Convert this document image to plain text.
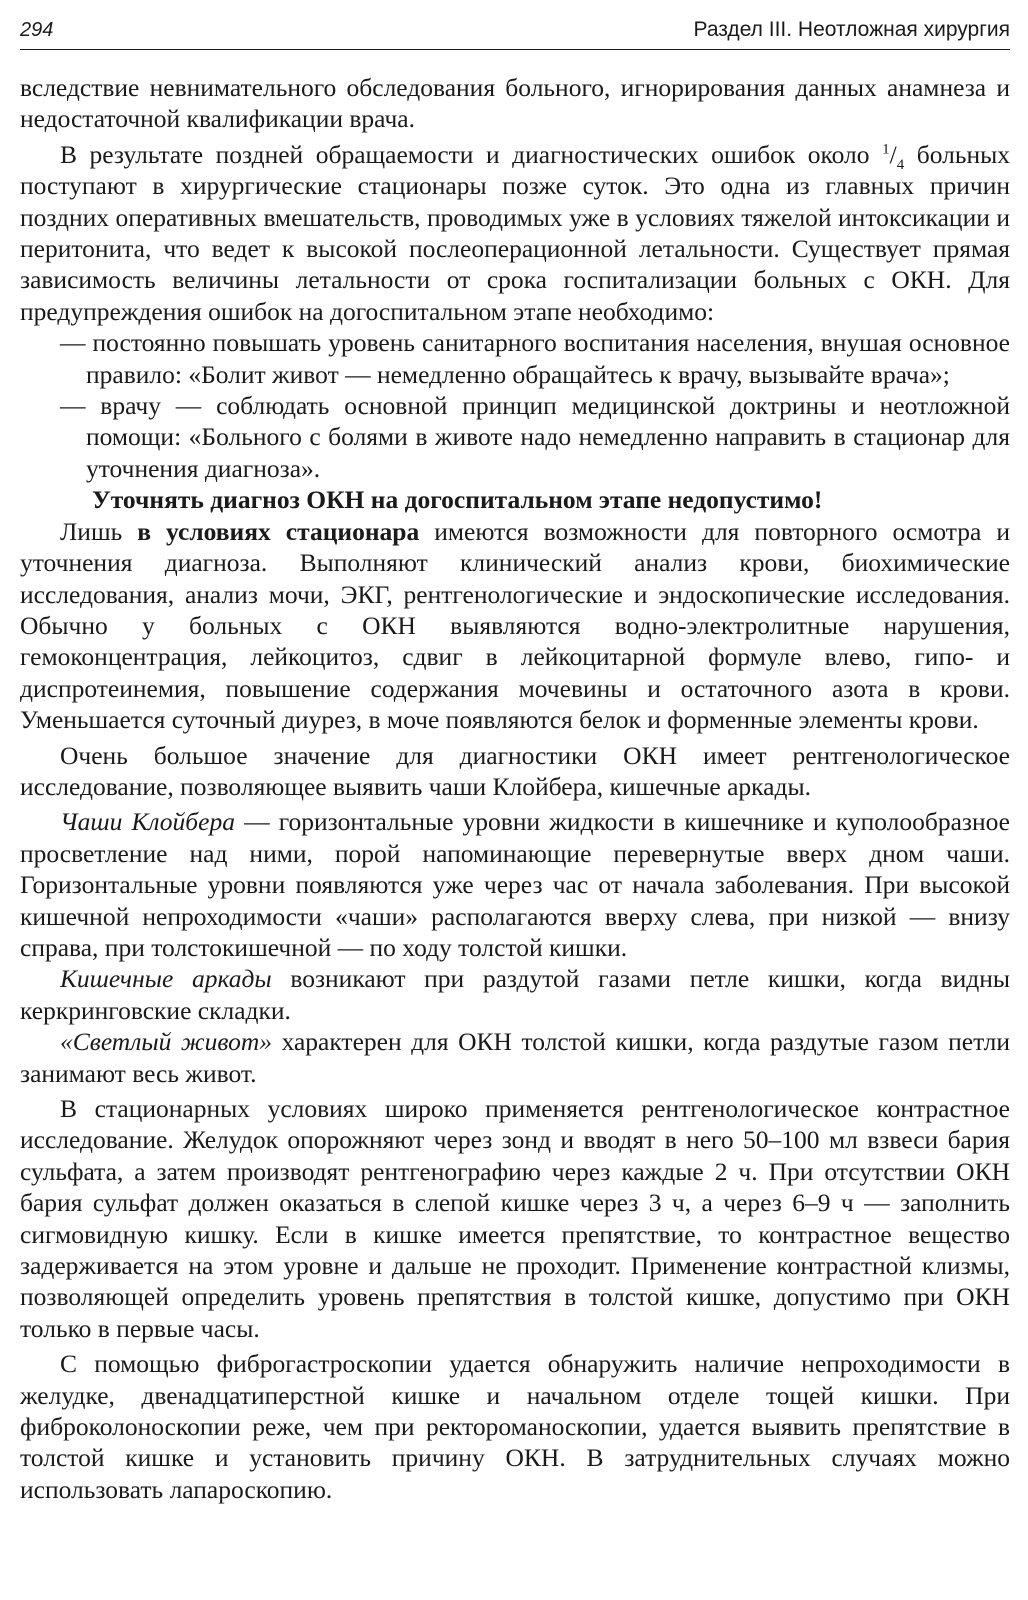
294	Раздел III. Неотложная хирургия

вследствие невнимательного обследования больного, игнорирования данных анамнеза и недостаточной квалификации врача.

В результате поздней обращаемости и диагностических ошибок около $^1/_4$ больных поступают в хирургические стационары позже суток. Это одна из главных причин поздних оперативных вмешательств, проводимых уже в условиях тяжелой интоксикации и перитонита, что ведет к высокой послеоперационной летальности. Существует прямая зависимость величины летальности от срока госпитализации больных с ОКН. Для предупреждения ошибок на догоспитальном этапе необходимо:

— постоянно повышать уровень санитарного воспитания населения, внушая основное правило: «Болит живот — немедленно обращайтесь к врачу, вызывайте врача»;

— врачу — соблюдать основной принцип медицинской доктрины и неотложной помощи: «Больного с болями в животе надо немедленно направить в стационар для уточнения диагноза».

Уточнять диагноз ОКН на догоспитальном этапе недопустимо!

Лишь в условиях стационара имеются возможности для повторного осмотра и уточнения диагноза. Выполняют клинический анализ крови, биохимические исследования, анализ мочи, ЭКГ, рентгенологические и эндоскопические исследования. Обычно у больных с ОКН выявляются водно-электролитные нарушения, гемоконцентрация, лейкоцитоз, сдвиг в лейкоцитарной формуле влево, гипо- и диспротеинемия, повышение содержания мочевины и остаточного азота в крови. Уменьшается суточный диурез, в моче появляются белок и форменные элементы крови.

Очень большое значение для диагностики ОКН имеет рентгенологическое исследование, позволяющее выявить чаши Клойбера, кишечные аркады.

Чаши Клойбера — горизонтальные уровни жидкости в кишечнике и куполообразное просветление над ними, порой напоминающие перевернутые вверх дном чаши. Горизонтальные уровни появляются уже через час от начала заболевания. При высокой кишечной непроходимости «чаши» располагаются вверху слева, при низкой — внизу справа, при толстокишечной — по ходу толстой кишки.

Кишечные аркады возникают при раздутой газами петле кишки, когда видны керкринговские складки.

«Светлый живот» характерен для ОКН толстой кишки, когда раздутые газом петли занимают весь живот.

В стационарных условиях широко применяется рентгенологическое контрастное исследование. Желудок опорожняют через зонд и вводят в него 50–100 мл взвеси бария сульфата, а затем производят рентгенографию через каждые 2 ч. При отсутствии ОКН бария сульфат должен оказаться в слепой кишке через 3 ч, а через 6–9 ч — заполнить сигмовидную кишку. Если в кишке имеется препятствие, то контрастное вещество задерживается на этом уровне и дальше не проходит. Применение контрастной клизмы, позволяющей определить уровень препятствия в толстой кишке, допустимо при ОКН только в первые часы.

С помощью фиброгастроскопии удается обнаружить наличие непроходимости в желудке, двенадцатиперстной кишке и начальном отделе тощей кишки. При фиброколоноскопии реже, чем при ректороманоскопии, удается выявить препятствие в толстой кишке и установить причину ОКН. В затруднительных случаях можно использовать лапароскопию.
